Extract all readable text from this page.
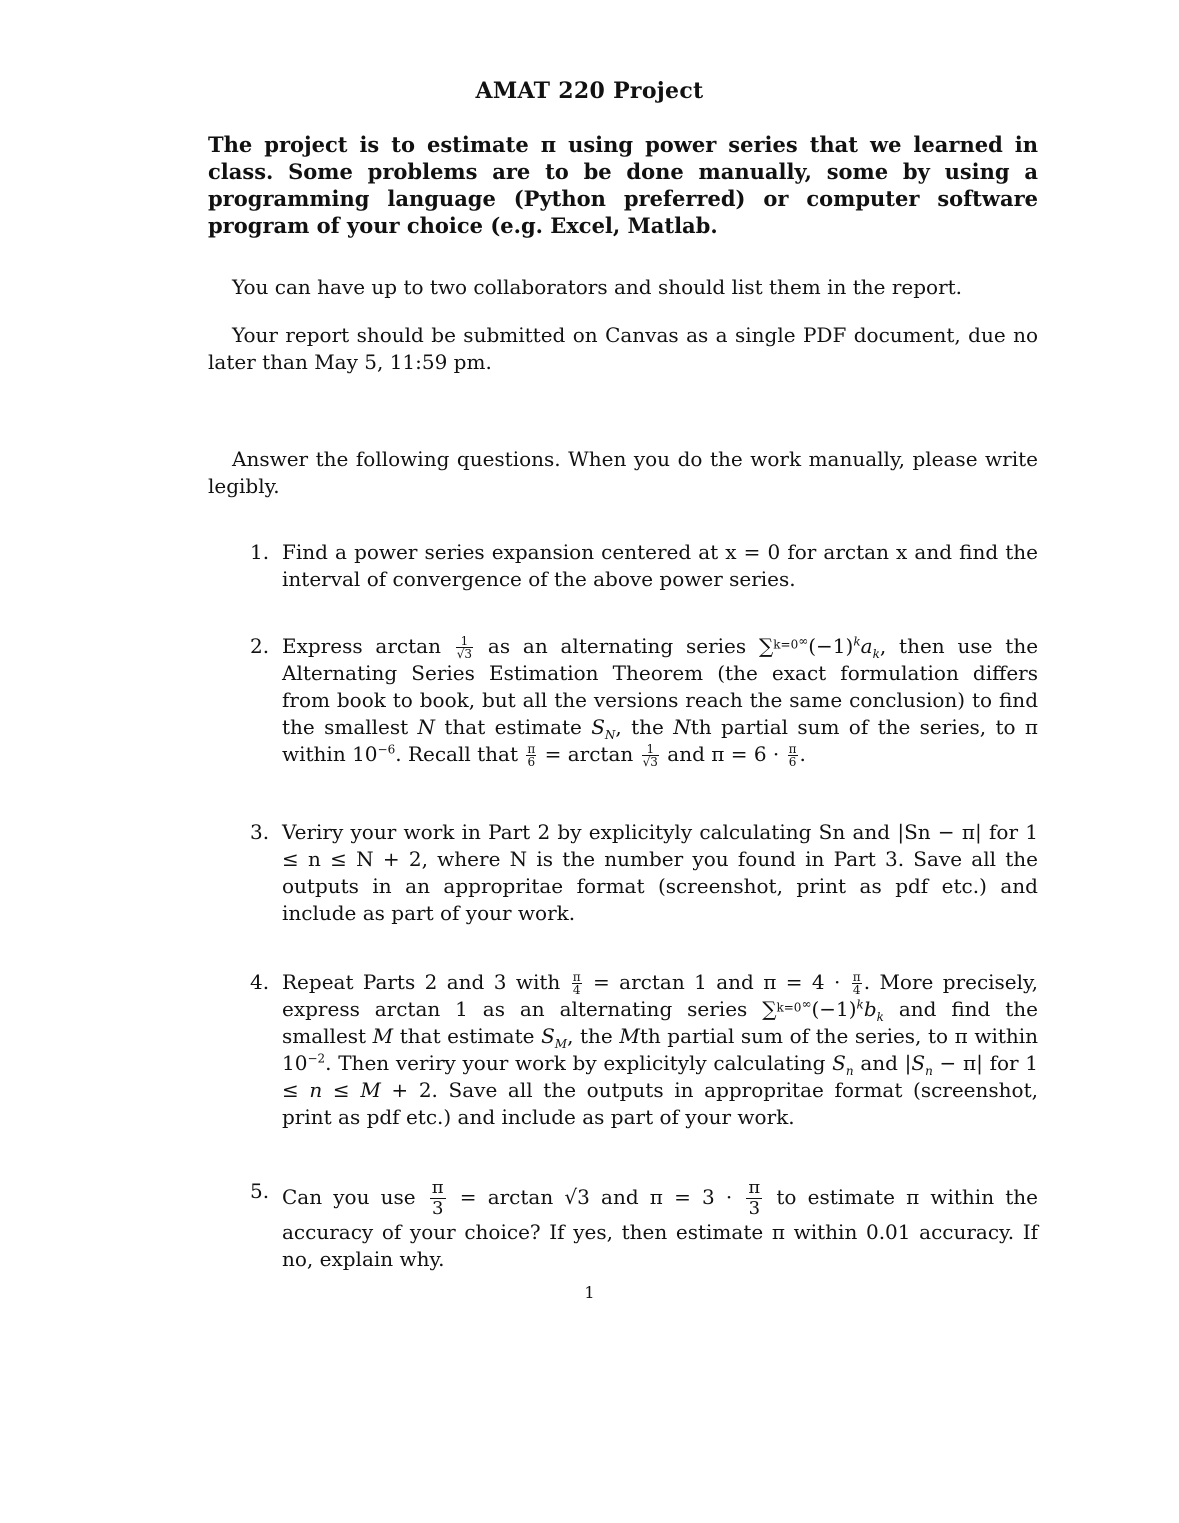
AMAT 220 Project
The project is to estimate π using power series that we learned in class. Some problems are to be done manually, some by using a programming language (Python preferred) or computer software program of your choice (e.g. Excel, Matlab.
You can have up to two collaborators and should list them in the report.
Your report should be submitted on Canvas as a single PDF document, due no later than May 5, 11:59 pm.
Answer the following questions. When you do the work manually, please write legibly.
1. Find a power series expansion centered at x = 0 for arctan x and find the interval of convergence of the above power series.
2. Express $\arctan \frac{1}{√3}$ as an alternating series $\sum^{_{k=0}\infty}(-1)^ka_k$, then use the Alternating Series Estimation Theorem (the exact formulation differs from book to book, but all the versions reach the same conclusion) to find the smallest N that estimate $S_N$, the Nth partial sum of the series, to π within $10^{-6}$. Recall that $\frac{\pi}{6} = \arctan \frac{1}{√3}$ and $\pi = 6 \cdot \frac{\pi}{6}$ .
3. Veriry your work in Part 2 by explicityly calculating Sn and |Sn − π| for 1 ≤ n ≤ N + 2, where N is the number you found in Part 3. Save all the outputs in an appropritae format (screenshot, print as pdf etc.) and include as part of your work.
4. Repeat Parts 2 and 3 with $\frac{\pi}{4} = \arctan 1$ and $\pi = 4 \cdot \frac{\pi}{4}$ . More precisely, express arctan 1 as an alternating series $\sum^{_{k=0}\infty}(-1)^kb_k$ and find the smallest M that estimate $S_M$, the Mth partial sum of the series, to π within $10^{-2}$. Then veriry your work by explicityly calculating $S_n$ and $|S_n - \pi|$ for 1 ≤ n ≤ M + 2. Save all the outputs in appropritae format (screenshot, print as pdf etc.) and include as part of your work.
5. Can you use $\frac{\pi}{3} = \arctan √3$ and $\pi = 3 \cdot \frac{\pi}{3}$ to estimate π within the accuracy of your choice? If yes, then estimate π within 0.01 accuracy. If no, explain why.
1
